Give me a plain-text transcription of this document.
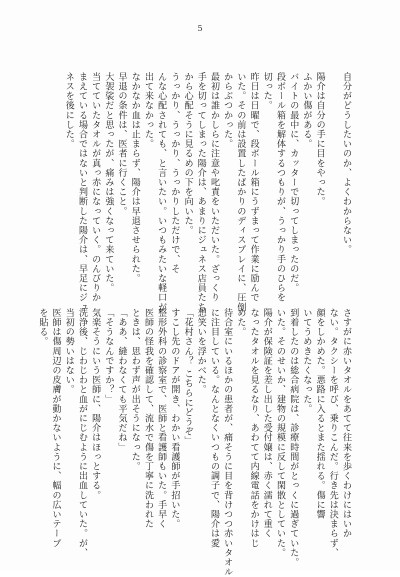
5
自分がどうしたいのか、よくわからない。
陽介は自分の手に目をやった。
ふかい傷がある。
バイトの最中に、カッターで切ってしまったのだ。
段ボール箱を解体するつもりが、うっかり手のひらを
切った。
昨日は日曜で、段ボール箱にうずまって作業に励んで
いた。その前は設置したばかりのディスプレイに、圧倒
からぶつかった。
最初は誰かしらに注意や叱責をいただいた。ざっくり
手を切ってしまった陽介は、あまりにジュネス店員たち
から心配そうに見るめの下を向いた。
うっかり、うっかり、うっかりしただけで、そ
んな心配されても、と言いたい。いつもみたいな軽口が
出て来なかった。
なかなか血は止まらず、陽介は早退させられた。
早退の条件は、医者に行くこと。
大袈裟だと思ったが、痛みは強くなって来ていた。
当てていたタオルが真っ赤になっていく。のんびりか
まえている場合ではないと判断した陽介は、早足にジュ
ネスを後にした。
さすがに赤いタオルをあてて往来を歩くわけにはいか
ない。タクシーを呼び、乗りこんだ。行き先は決まらず、
顔をしかめた。悪路に入るとまた揺れる。傷に響
いてうめきたくなった。
到着したのは総合病院は、診療時間がとっくに過ぎていた。
いた。そのせいか、建物の規模に反して閑散としていた。
陽介が保険証を差し出した受付嬢は、赤く濡れて重く
なったタオルを見るなり、あわてて内線電話をかけはじ
めた。
待合室にいるほかの患者が、痛そうに目を背けつつ赤いタオル
に注目している。なんとなくいつもの調子で、陽介は愛
想笑いを浮かべた。
「花村さん？ こちらにどうぞ」
すこし先のドアが開き、わかい看護師が手招いた。
整形外科の診察室で、医師と看護師もいた。手早く
医師の怪我を確認して、流水で傷を丁寧に洗われた
ときは、思わず声が出そうになった。
「ああ、縫わなくても平気だね」
「そうなんですか？」
気楽そうにいう医師に、陽介はほっとする。
洗浄後、じわじわと血がにじむように出血していた。が、
当初の勢いはない。
医師は傷周辺の皮膚が動かないように、幅の広いテープ
を貼る。
